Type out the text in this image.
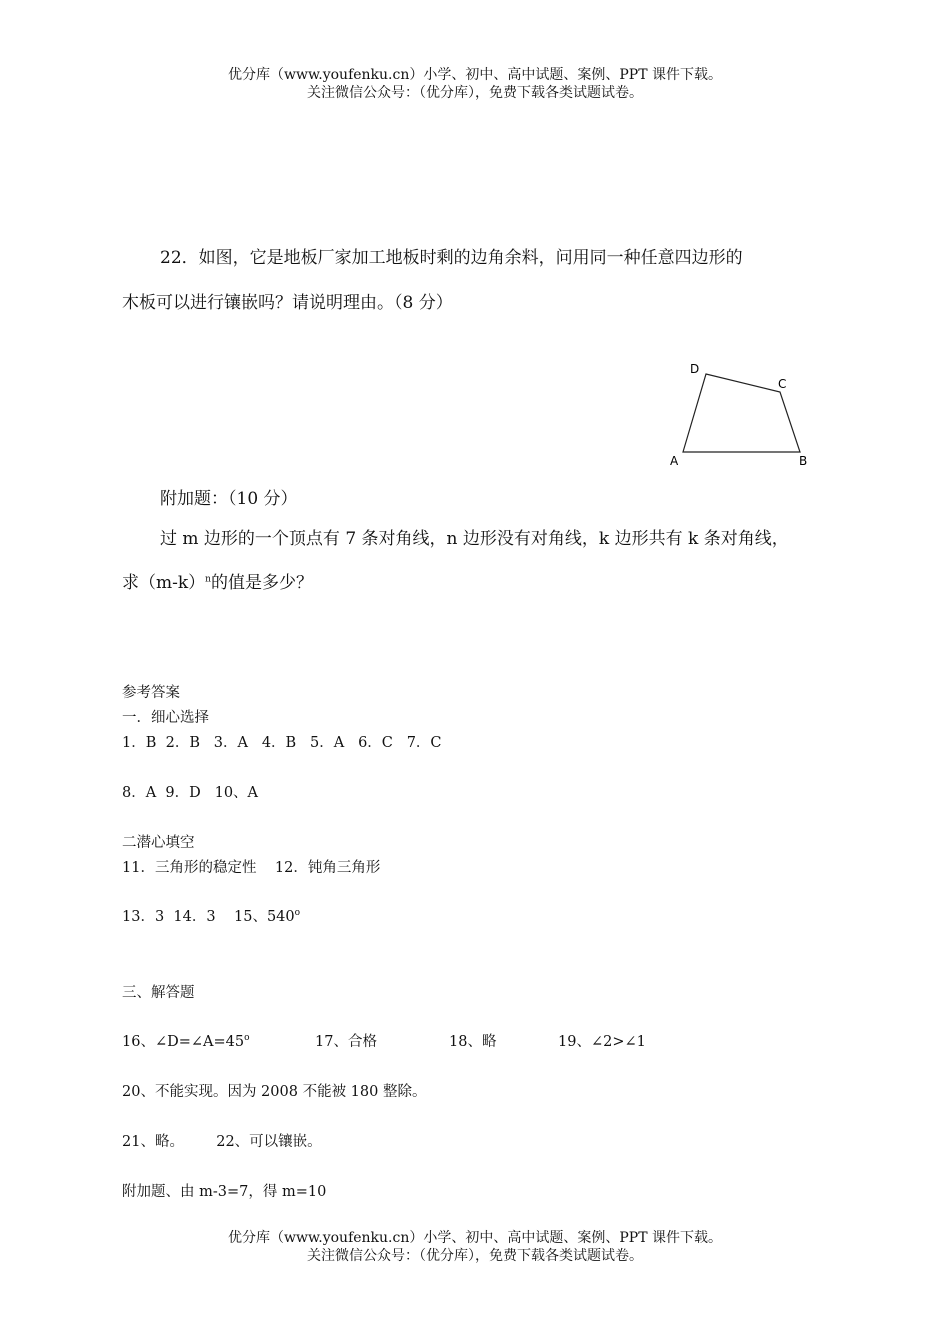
优分库（www.youfenku.cn）小学、初中、高中试题、案例、PPT 课件下载。
关注微信公众号：（优分库），免费下载各类试题试卷。
22．如图，它是地板厂家加工地板时剩的边角余料，问用同一种任意四边形的
木板可以进行镶嵌吗？请说明理由。（8 分）
A	B
C
D
附加题：（10 分）
过 m 边形的一个顶点有 7 条对角线，n 边形没有对角线，k 边形共有 k 条对角线，
求$(m-k)^n$的值是多少？
参考答案
一．细心选择
1．B  2．B   3．A   4．B   5．A   6．C   7．C
8．A  9．D   10、A
二潜心填空
11．三角形的稳定性    12．钝角三角形
13．3  14．3    15、540$^o$
三、解答题
16、$\angle D=\angle A=45^o$	17、合格	18、略	19、∠2>∠1
20、不能实现。因为 2008 不能被 180 整除。
21、略。       22、可以镶嵌。
附加题、由 m-3=7，得 m=10
优分库（www.youfenku.cn）小学、初中、高中试题、案例、PPT 课件下载。
关注微信公众号：（优分库），免费下载各类试题试卷。
